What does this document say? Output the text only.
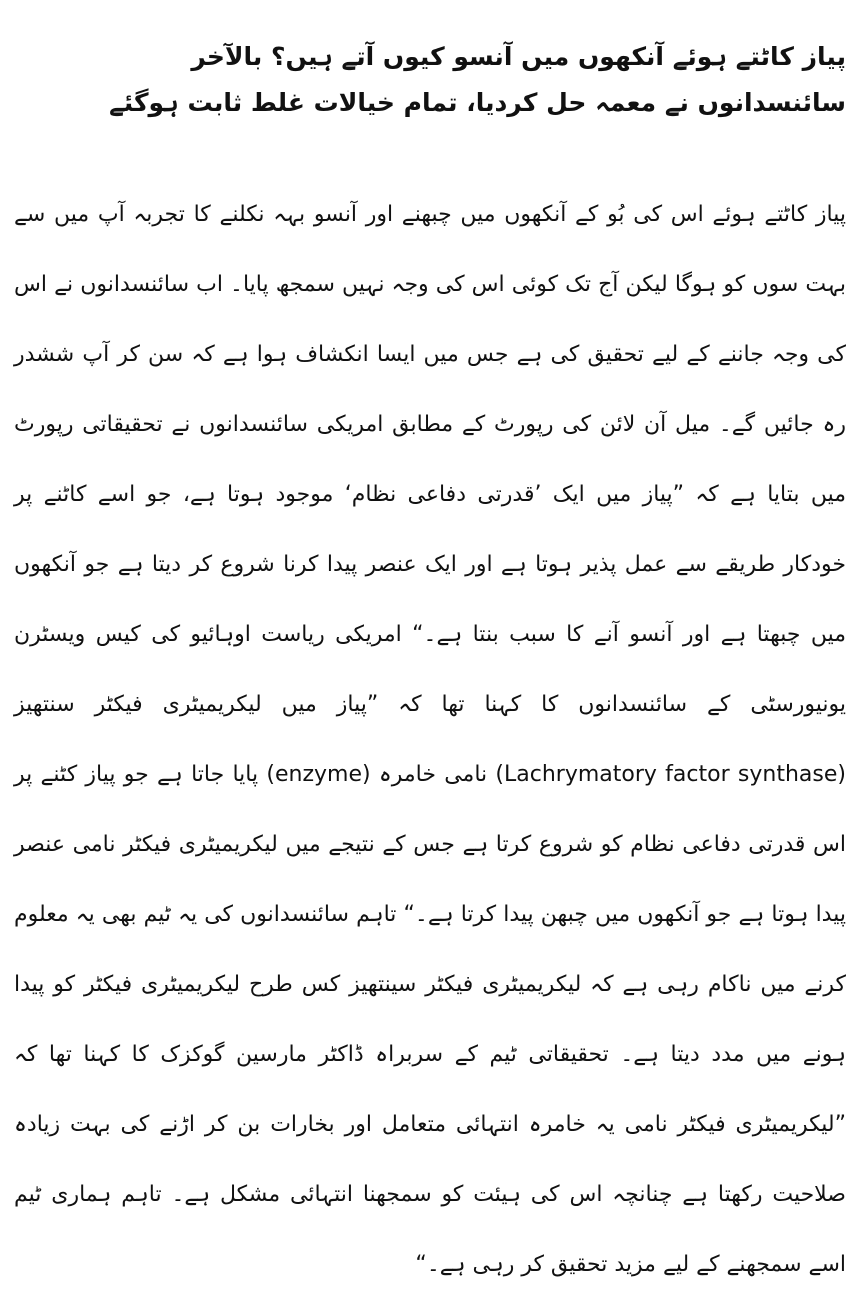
پیاز کاٹتے ہوئے آنکھوں میں آنسو کیوں آتے ہیں؟ بالآخر سائنسدانوں نے معمہ حل کردیا، تمام خیالات غلط ثابت ہوگئے

پیاز کاٹتے ہوئے اس کی بُو کے آنکھوں میں چبھنے اور آنسو بہہ نکلنے کا تجربہ آپ میں سے بہت سوں کو ہوگا لیکن آج تک کوئی اس کی وجہ نہیں سمجھ پایا۔ اب سائنسدانوں نے اس کی وجہ جاننے کے لیے تحقیق کی ہے جس میں ایسا انکشاف ہوا ہے کہ سن کر آپ ششدر رہ جائیں گے۔ میل آن لائن کی رپورٹ کے مطابق امریکی سائنسدانوں نے تحقیقاتی رپورٹ میں بتایا ہے کہ ”پیاز میں ایک ’قدرتی دفاعی نظام‘ موجود ہوتا ہے، جو اسے کاٹنے پر خودکار طریقے سے عمل پذیر ہوتا ہے اور ایک عنصر پیدا کرنا شروع کر دیتا ہے جو آنکھوں میں چبھتا ہے اور آنسو آنے کا سبب بنتا ہے۔“ امریکی ریاست اوہائیو کی کیس ویسٹرن یونیورسٹی کے سائنسدانوں کا کہنا تھا کہ ”پیاز میں لیکریمیٹری فیکٹر سنتھیز (Lachrymatory factor synthase) نامی خامرہ (enzyme) پایا جاتا ہے جو پیاز کٹنے پر اس قدرتی دفاعی نظام کو شروع کرتا ہے جس کے نتیجے میں لیکریمیٹری فیکٹر نامی عنصر پیدا ہوتا ہے جو آنکھوں میں چبھن پیدا کرتا ہے۔“ تاہم سائنسدانوں کی یہ ٹیم بھی یہ معلوم کرنے میں ناکام رہی ہے کہ لیکریمیٹری فیکٹر سینتھیز کس طرح لیکریمیٹری فیکٹر کو پیدا ہونے میں مدد دیتا ہے۔ تحقیقاتی ٹیم کے سربراہ ڈاکٹر مارسین گوکزک کا کہنا تھا کہ ”لیکریمیٹری فیکٹر نامی یہ خامرہ انتہائی متعامل اور بخارات بن کر اڑنے کی بہت زیادہ صلاحیت رکھتا ہے چنانچہ اس کی ہیئت کو سمجھنا انتہائی مشکل ہے۔ تاہم ہماری ٹیم اسے سمجھنے کے لیے مزید تحقیق کر رہی ہے۔“
